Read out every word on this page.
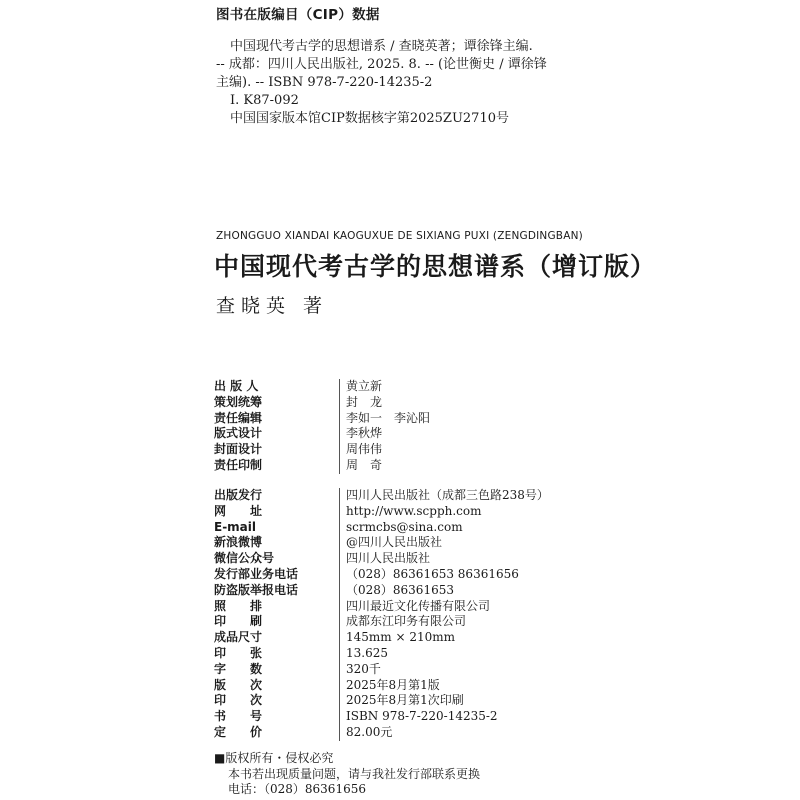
图书在版编目（CIP）数据
中国现代考古学的思想谱系 / 查晓英著；谭徐锋主编.
-- 成都：四川人民出版社, 2025. 8. -- (论世衡史 / 谭徐锋
主编). -- ISBN 978-7-220-14235-2
Ⅰ. K87-092
中国国家版本馆CIP数据核字第2025ZU2710号
ZHONGGUO XIANDAI KAOGUXUE DE SIXIANG PUXI (ZENGDINGBAN)
中国现代考古学的思想谱系（增订版）
查晓英 著
出 版 人	黄立新
策划统筹	封　龙
责任编辑	李如一　李沁阳
版式设计	李秋烨
封面设计	周伟伟
责任印制	周　奇
出版发行	四川人民出版社（成都三色路238号）
网　　址	http://www.scpph.com
E-mail	scrmcbs@sina.com
新浪微博	@四川人民出版社
微信公众号	四川人民出版社
发行部业务电话	（028）86361653 86361656
防盗版举报电话	（028）86361653
照　　排	四川最近文化传播有限公司
印　　刷	成都东江印务有限公司
成品尺寸	145mm × 210mm
印　　张	13.625
字　　数	320千
版　　次	2025年8月第1版
印　　次	2025年8月第1次印刷
书　　号	ISBN 978-7-220-14235-2
定　　价	82.00元
■版权所有・侵权必究
本书若出现质量问题，请与我社发行部联系更换
电话：（028）86361656
